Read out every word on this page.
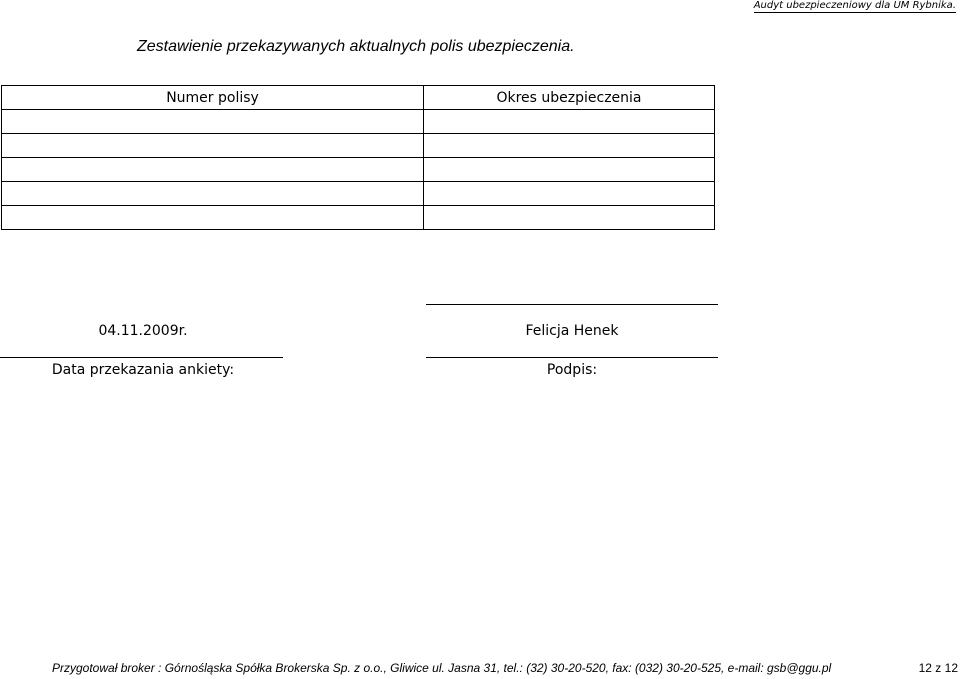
Audyt ubezpieczeniowy dla UM Rybnika.
Zestawienie przekazywanych aktualnych polis ubezpieczenia.
Numer polisy	Okres ubezpieczenia

04.11.2009r.
Data przekazania ankiety:
Felicja Henek
Podpis:
Przygotował broker : Górnośląska Spółka Brokerska Sp. z o.o., Gliwice ul. Jasna 31, tel.: (32) 30-20-520, fax: (032) 30-20-525, e-mail: gsb@ggu.pl	12 z 12
